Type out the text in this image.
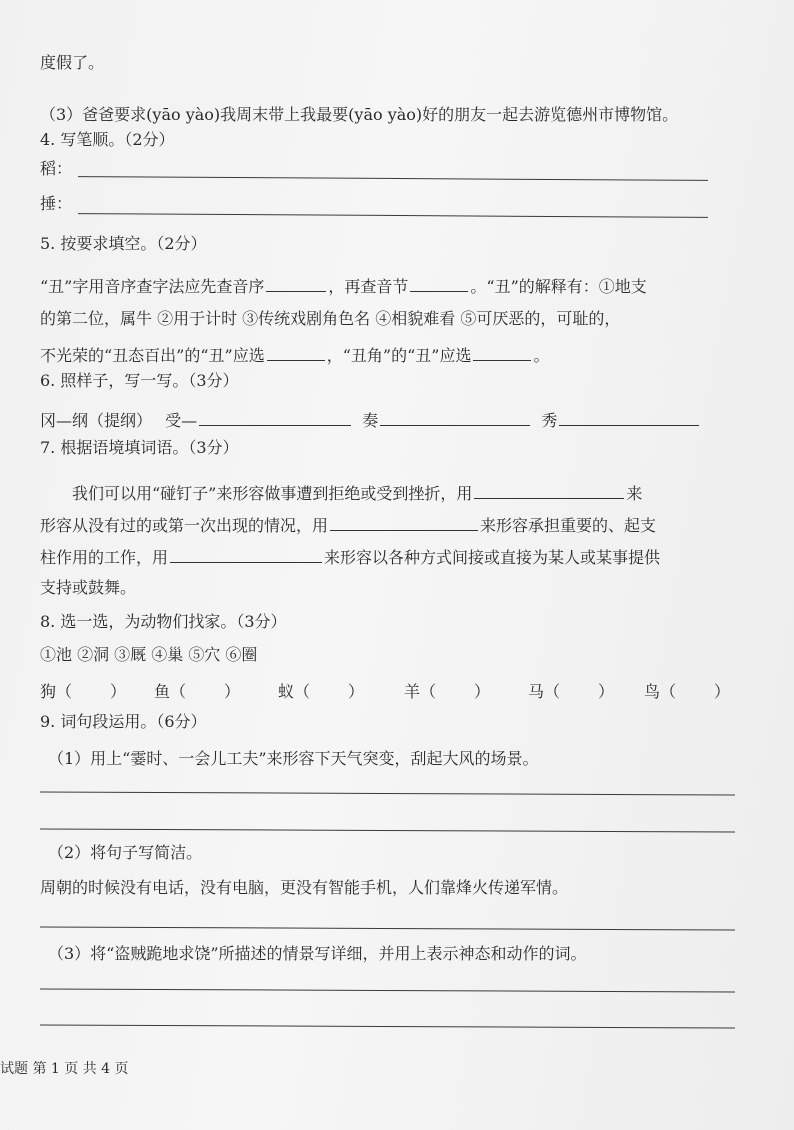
度假了。
（3）爸爸要求(yāo yào)我周末带上我最要(yāo yào)好的朋友一起去游览德州市博物馆。
4. 写笔顺。（2分）
稻：
捶：
5. 按要求填空。（2分）
“丑”字用音序查字法应先查音序	，再查音节	。“丑”的解释有：①地支
的第二位，属牛 ②用于计时 ③传统戏剧角色名 ④相貌难看 ⑤可厌恶的，可耻的，
不光荣的“丑态百出”的“丑”应选	，“丑角”的“丑”应选	。
6. 照样子，写一写。（3分）
冈—纲（提纲） 受—	奏	秀
7. 根据语境填词语。（3分）
我们可以用“碰钉子”来形容做事遭到拒绝或受到挫折，用	来
形容从没有过的或第一次出现的情况，用	来形容承担重要的、起支
柱作用的工作，用	来形容以各种方式间接或直接为某人或某事提供
支持或鼓舞。
8. 选一选，为动物们找家。（3分）
①池 ②洞 ③厩 ④巢 ⑤穴 ⑥圈
狗（ ） 鱼（ ） 蚁（ ） 羊（ ） 马（ ） 鸟（ ）
9. 词句段运用。（6分）
（1）用上“霎时、一会儿工夫”来形容下天气突变，刮起大风的场景。
（2）将句子写简洁。
周朝的时候没有电话，没有电脑，更没有智能手机，人们靠烽火传递军情。
（3）将“盗贼跪地求饶”所描述的情景写详细，并用上表示神态和动作的词。
试题 第 1 页 共 4 页
